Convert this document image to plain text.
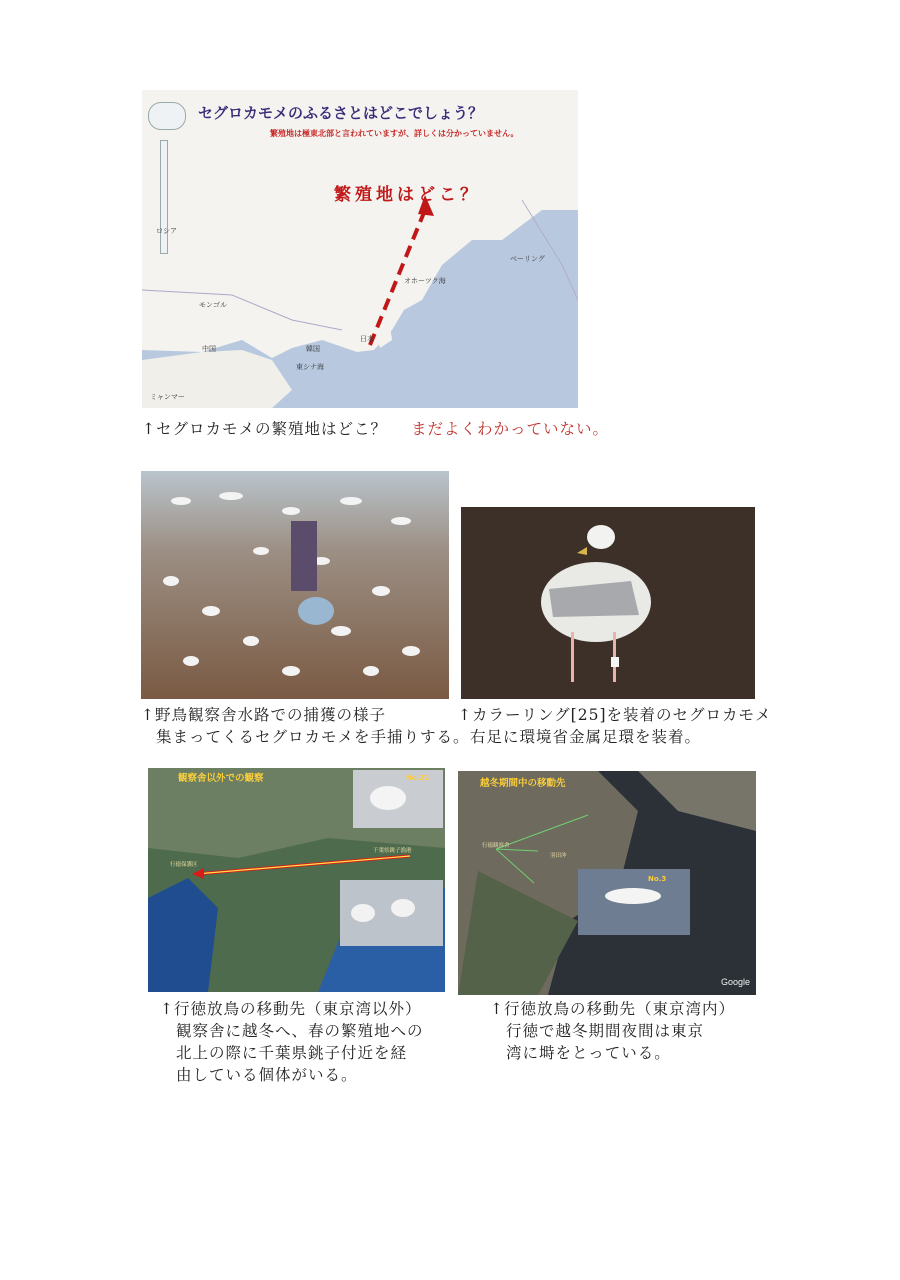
セグロカモメのふるさとはどこでしょう？
繁殖地は極東北部と言われていますが、詳しくは分かっていません。
繁殖地はどこ？
ロシア
モンゴル
中国	韓国
日本
東シナ海
オホーツク海
ベーリング
ミャンマー
↑セグロカモメの繁殖地はどこ？ まだよくわかっていない。
↑野鳥観察舎水路での捕獲の様子
集まってくるセグロカモメを手捕りする。
↑カラーリング[25]を装着のセグロカモメ
右足に環境省金属足環を装着。
観察舎以外での観察	No.22
行徳保護区
千葉県銚子漁港
越冬期間中の移動先
No.3
行徳観察舎
羽田沖
Google
↑行徳放鳥の移動先（東京湾以外）
観察舎に越冬へ、春の繁殖地への
北上の際に千葉県銚子付近を経
由している個体がいる。
↑行徳放鳥の移動先（東京湾内）
行徳で越冬期間夜間は東京
湾に塒をとっている。
